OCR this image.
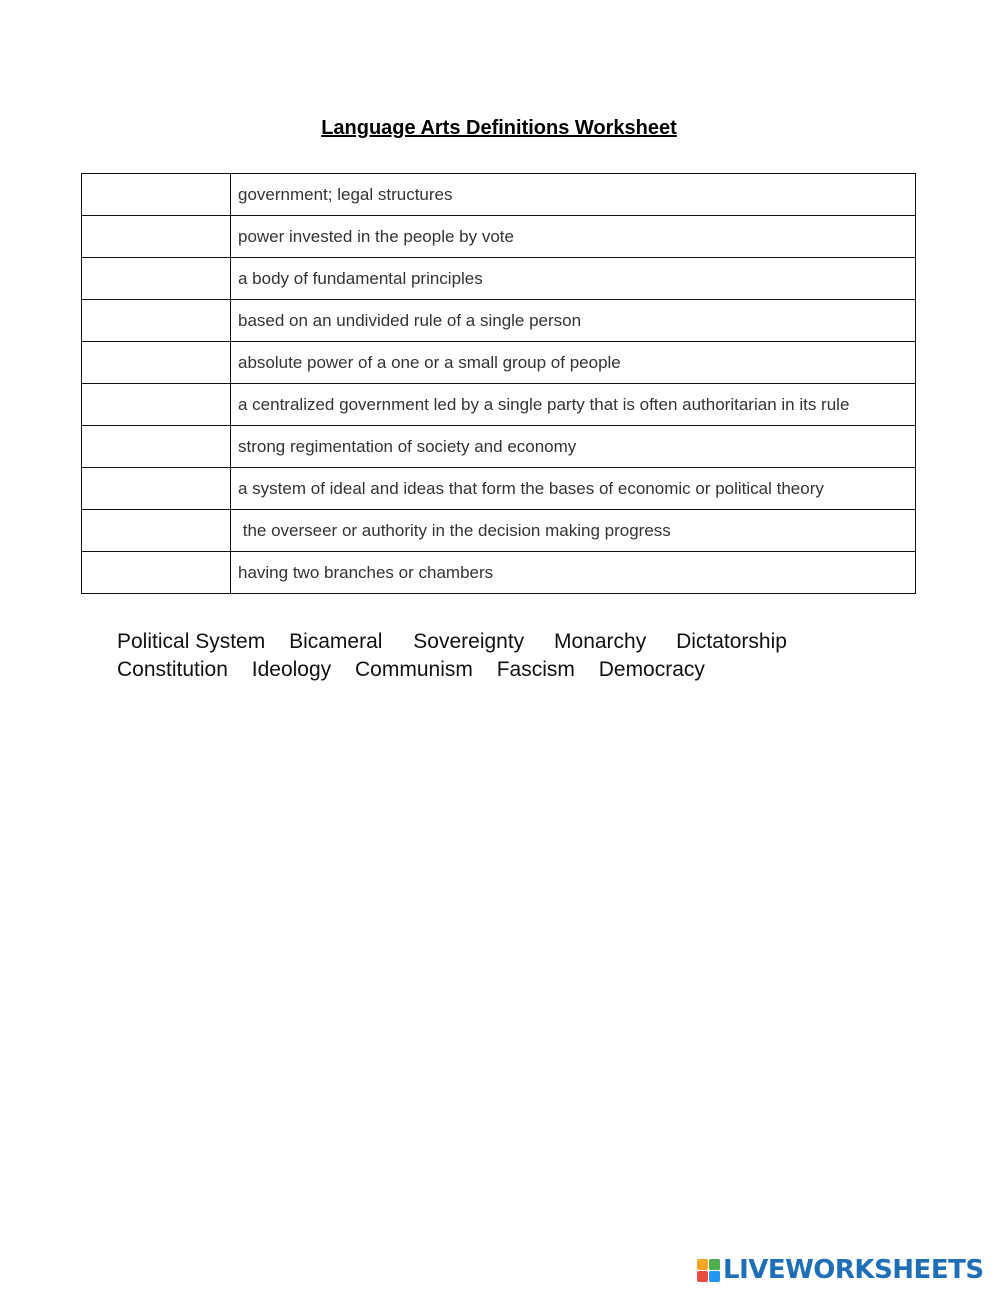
Language Arts Definitions Worksheet
	government; legal structures
	power invested in the people by vote
	a body of fundamental principles
	based on an undivided rule of a single person
	absolute power of a one or a small group of people
	a centralized government led by a single party that is often authoritarian in its rule
	strong regimentation of society and economy
	a system of ideal and ideas that form the bases of economic or political theory
	the overseer or authority in the decision making progress
	having two branches or chambers
Political System Bicameral Sovereignty Monarchy Dictatorship
Constitution Ideology Communism Fascism Democracy
LIVEWORKSHEETS
